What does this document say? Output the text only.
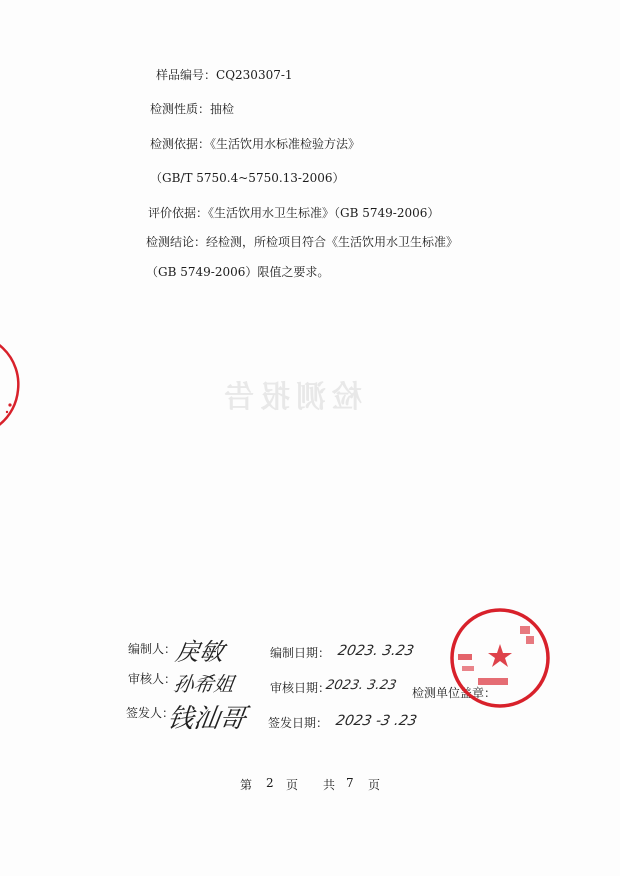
检测报告
样品编号：CQ230307-1
检测性质：抽检
检测依据：《生活饮用水标准检验方法》
（GB/T 5750.4~5750.13-2006）
评价依据：《生活饮用水卫生标准》（GB 5749-2006）
检测结论：经检测，所检项目符合《生活饮用水卫生标准》
（GB 5749-2006）限值之要求。
编制人：
戾敏	编制日期： 2023. 3.23
审核人：
孙希姐	审核日期：
2023. 3.23 检测单位盖章：
签发人：
钱汕哥 签发日期： 2023 -3 .23
第 2 页 共 7 页
